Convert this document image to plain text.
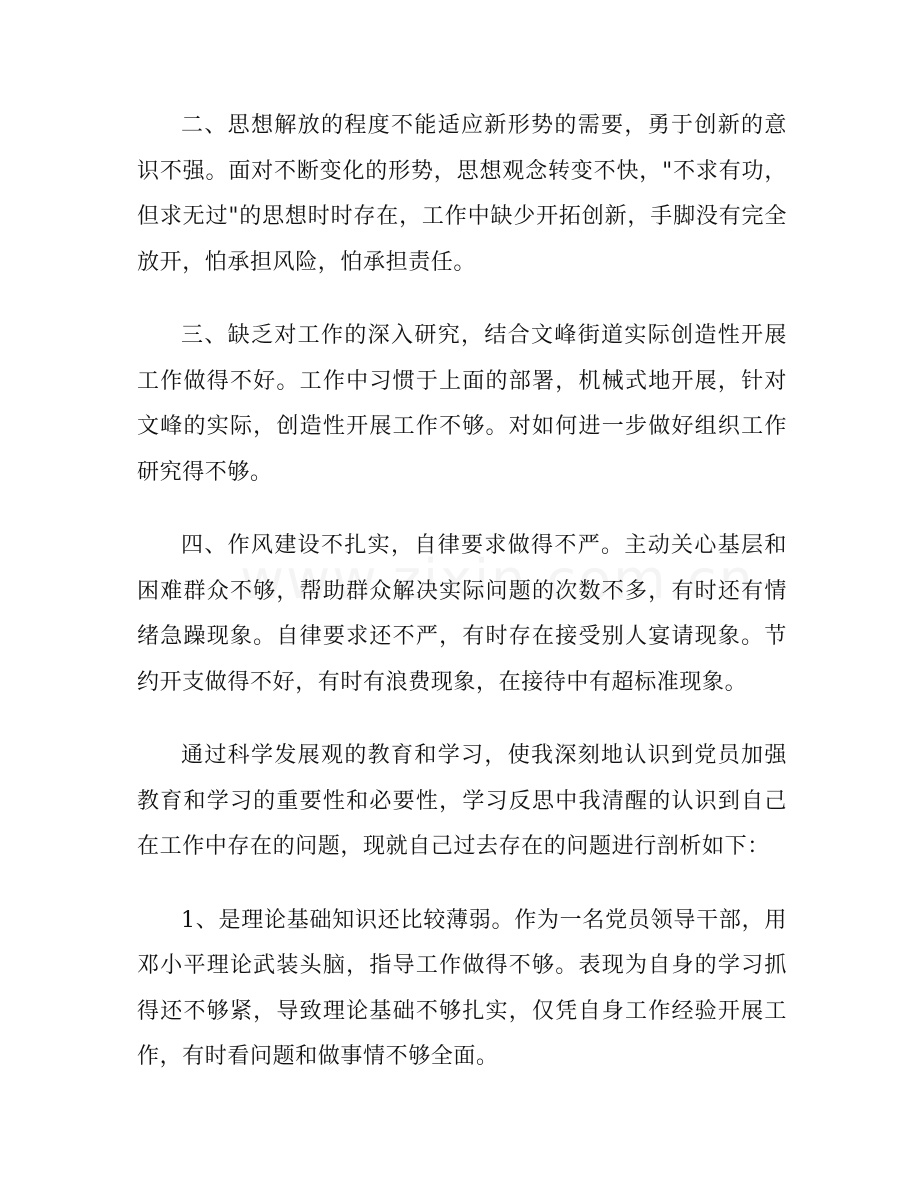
二、思想解放的程度不能适应新形势的需要，勇于创新的意识不强。面对不断变化的形势，思想观念转变不快，"不求有功，但求无过"的思想时时存在，工作中缺少开拓创新，手脚没有完全放开，怕承担风险，怕承担责任。

三、缺乏对工作的深入研究，结合文峰街道实际创造性开展工作做得不好。工作中习惯于上面的部署，机械式地开展，针对文峰的实际，创造性开展工作不够。对如何进一步做好组织工作研究得不够。

四、作风建设不扎实，自律要求做得不严。主动关心基层和困难群众不够，帮助群众解决实际问题的次数不多，有时还有情绪急躁现象。自律要求还不严，有时存在接受别人宴请现象。节约开支做得不好，有时有浪费现象，在接待中有超标准现象。

通过科学发展观的教育和学习，使我深刻地认识到党员加强教育和学习的重要性和必要性，学习反思中我清醒的认识到自己在工作中存在的问题，现就自己过去存在的问题进行剖析如下：

1、是理论基础知识还比较薄弱。作为一名党员领导干部，用邓小平理论武装头脑，指导工作做得不够。表现为自身的学习抓得还不够紧，导致理论基础不够扎实，仅凭自身工作经验开展工作，有时看问题和做事情不够全面。
